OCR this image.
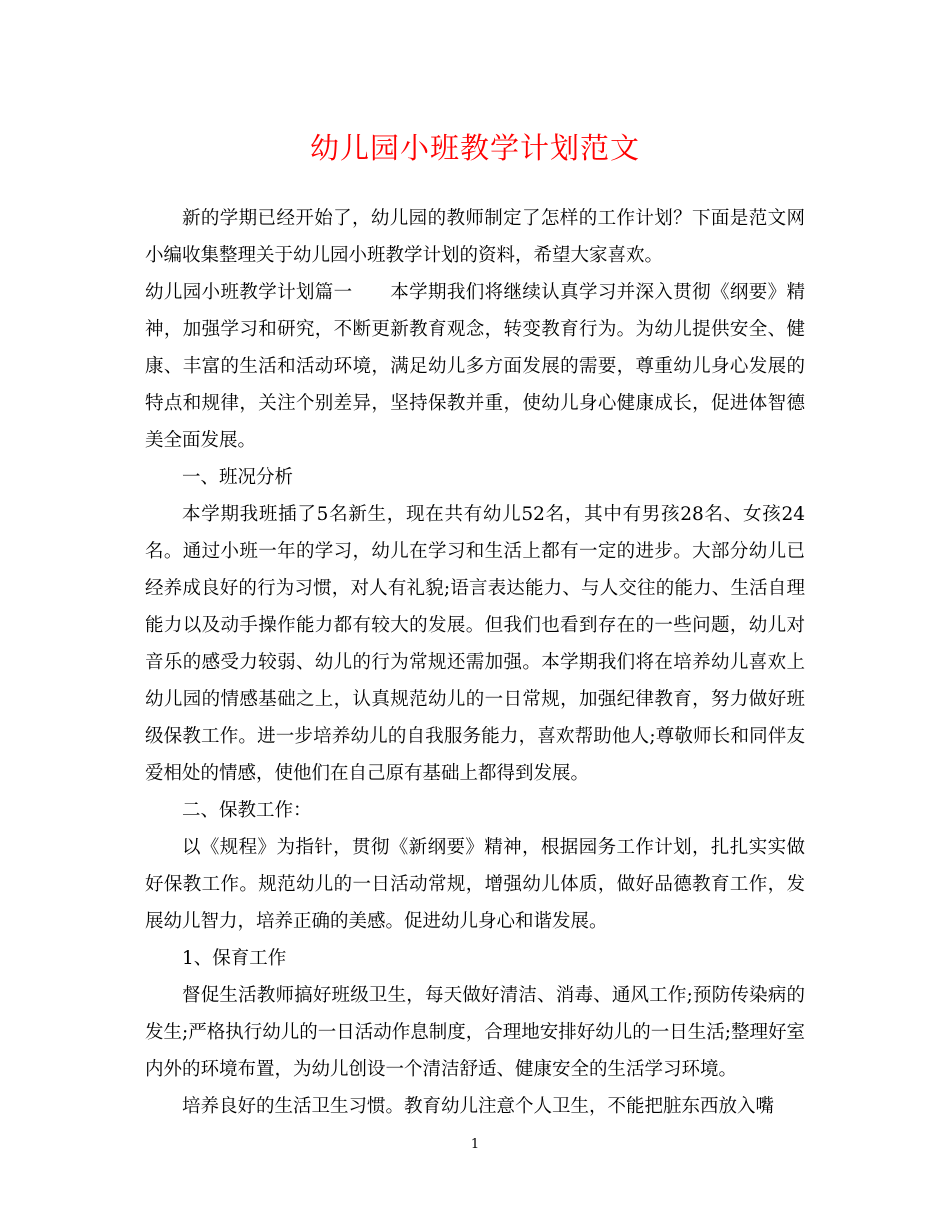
幼儿园小班教学计划范文

新的学期已经开始了，幼儿园的教师制定了怎样的工作计划？下面是范文网小编收集整理关于幼儿园小班教学计划的资料，希望大家喜欢。

幼儿园小班教学计划篇一　　本学期我们将继续认真学习并深入贯彻《纲要》精神，加强学习和研究，不断更新教育观念，转变教育行为。为幼儿提供安全、健康、丰富的生活和活动环境，满足幼儿多方面发展的需要，尊重幼儿身心发展的特点和规律，关注个别差异，坚持保教并重，使幼儿身心健康成长，促进体智德美全面发展。

一、班况分析

本学期我班插了5名新生，现在共有幼儿52名，其中有男孩28名、女孩24名。通过小班一年的学习，幼儿在学习和生活上都有一定的进步。大部分幼儿已经养成良好的行为习惯，对人有礼貌;语言表达能力、与人交往的能力、生活自理能力以及动手操作能力都有较大的发展。但我们也看到存在的一些问题，幼儿对音乐的感受力较弱、幼儿的行为常规还需加强。本学期我们将在培养幼儿喜欢上幼儿园的情感基础之上，认真规范幼儿的一日常规，加强纪律教育，努力做好班级保教工作。进一步培养幼儿的自我服务能力，喜欢帮助他人;尊敬师长和同伴友爱相处的情感，使他们在自己原有基础上都得到发展。

二、保教工作：

以《规程》为指针，贯彻《新纲要》精神，根据园务工作计划，扎扎实实做好保教工作。规范幼儿的一日活动常规，增强幼儿体质，做好品德教育工作，发展幼儿智力，培养正确的美感。促进幼儿身心和谐发展。

1、保育工作

督促生活教师搞好班级卫生，每天做好清洁、消毒、通风工作;预防传染病的发生;严格执行幼儿的一日活动作息制度，合理地安排好幼儿的一日生活;整理好室内外的环境布置，为幼儿创设一个清洁舒适、健康安全的生活学习环境。

培养良好的生活卫生习惯。教育幼儿注意个人卫生，不能把脏东西放入嘴

1
